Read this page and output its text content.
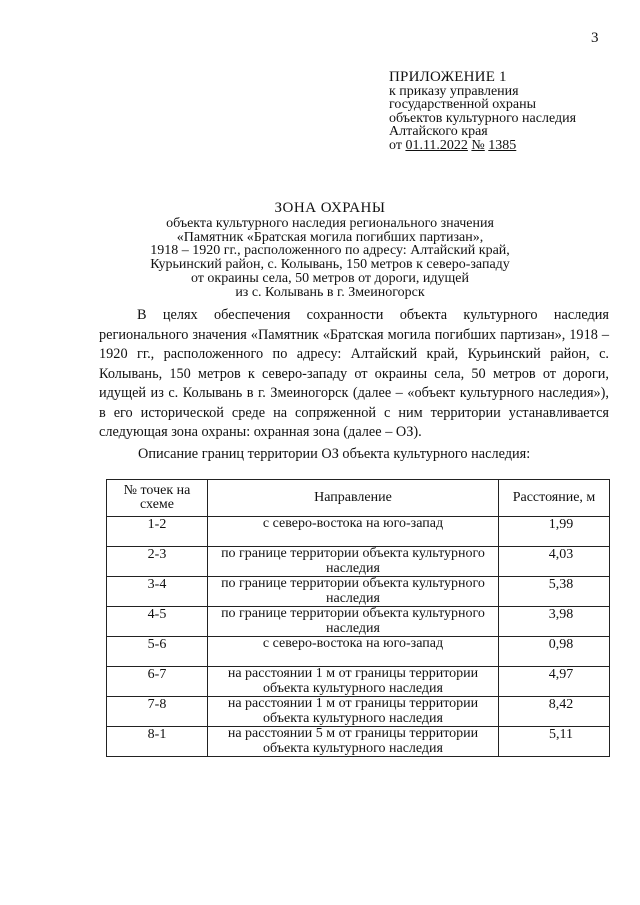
3
ПРИЛОЖЕНИЕ 1
к приказу управления
государственной охраны
объектов культурного наследия
Алтайского края
от 01.11.2022 № 1385
ЗОНА ОХРАНЫ
объекта культурного наследия регионального значения
«Памятник «Братская могила погибших партизан»,
1918 – 1920 гг., расположенного по адресу: Алтайский край,
Курьинский район, с. Колывань, 150 метров к северо-западу
от окраины села, 50 метров от дороги, идущей
из с. Колывань в г. Змеиногорск
В целях обеспечения сохранности объекта культурного наследия регионального значения «Памятник «Братская могила погибших партизан», 1918 – 1920 гг., расположенного по адресу: Алтайский край, Курьинский район, с. Колывань, 150 метров к северо-западу от окраины села, 50 метров от дороги, идущей из с. Колывань в г. Змеиногорск (далее – «объект культурного наследия»), в его исторической среде на сопряженной с ним территории устанавливается следующая зона охраны: охранная зона (далее – ОЗ).
Описание границ территории ОЗ объекта культурного наследия:
№ точек на схеме	Направление	Расстояние, м

1-2	с северо-востока на юго-запад	1,99

2-3	по границе территории объекта культурного наследия	4,03

3-4	по границе территории объекта культурного наследия	5,38

4-5	по границе территории объекта культурного наследия	3,98

5-6	с северо-востока на юго-запад	0,98

6-7	на расстоянии 1 м от границы территории объекта культурного наследия	4,97

7-8	на расстоянии 1 м от границы территории объекта культурного наследия	8,42

8-1	на расстоянии 5 м от границы территории объекта культурного наследия	5,11
